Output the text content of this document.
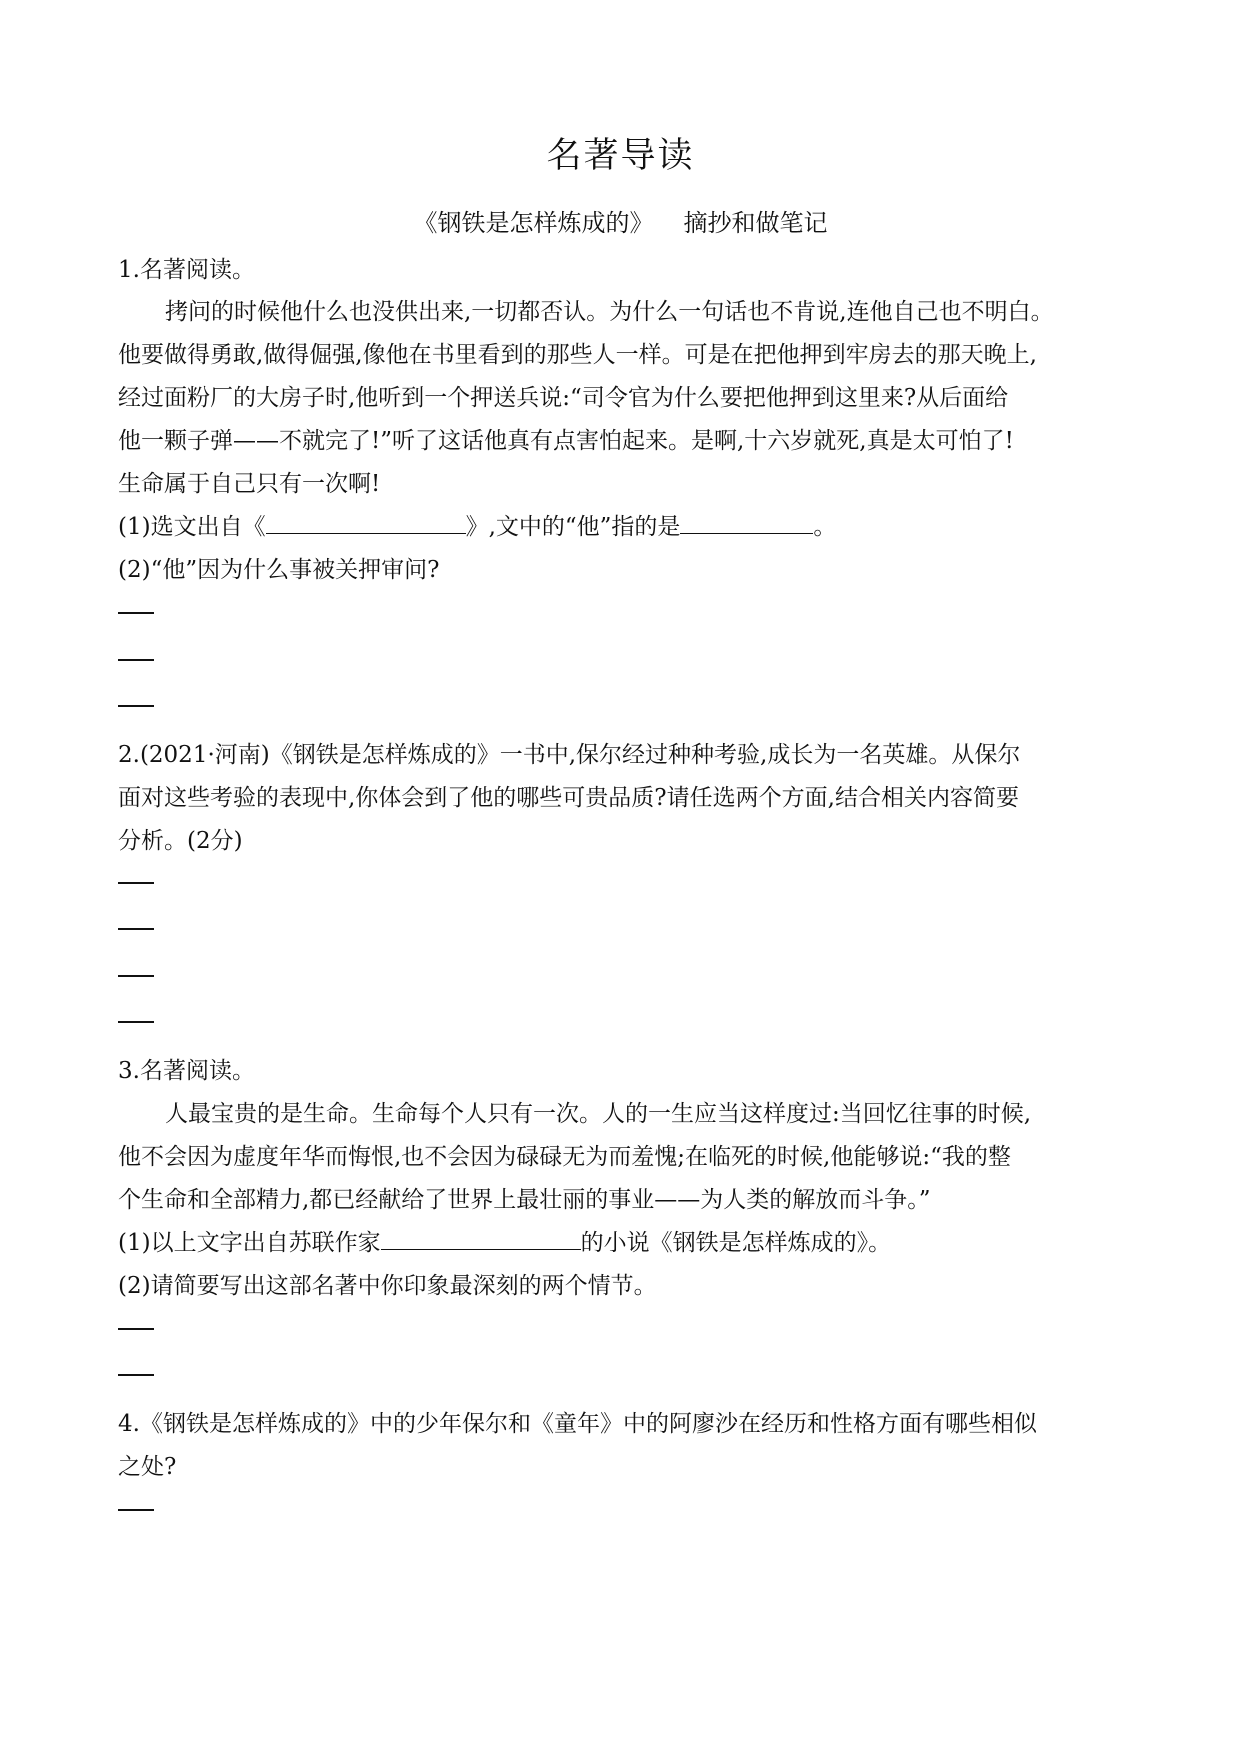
名著导读
《钢铁是怎样炼成的》 摘抄和做笔记
1.名著阅读。
拷问的时候他什么也没供出来,一切都否认。为什么一句话也不肯说,连他自己也不明白。
他要做得勇敢,做得倔强,像他在书里看到的那些人一样。可是在把他押到牢房去的那天晚上,
经过面粉厂的大房子时,他听到一个押送兵说:“司令官为什么要把他押到这里来?从后面给
他一颗子弹——不就完了!”听了这话他真有点害怕起来。是啊,十六岁就死,真是太可怕了!
生命属于自己只有一次啊!
(1)选文出自《	》,文中的“他”指的是	。
(2)“他”因为什么事被关押审问?
2.(2021·河南)《钢铁是怎样炼成的》一书中,保尔经过种种考验,成长为一名英雄。从保尔
面对这些考验的表现中,你体会到了他的哪些可贵品质?请任选两个方面,结合相关内容简要
分析。(2分)
3.名著阅读。
人最宝贵的是生命。生命每个人只有一次。人的一生应当这样度过:当回忆往事的时候,
他不会因为虚度年华而悔恨,也不会因为碌碌无为而羞愧;在临死的时候,他能够说:“我的整
个生命和全部精力,都已经献给了世界上最壮丽的事业——为人类的解放而斗争。”
(1)以上文字出自苏联作家	的小说《钢铁是怎样炼成的》。
(2)请简要写出这部名著中你印象最深刻的两个情节。
4.《钢铁是怎样炼成的》中的少年保尔和《童年》中的阿廖沙在经历和性格方面有哪些相似
之处?
